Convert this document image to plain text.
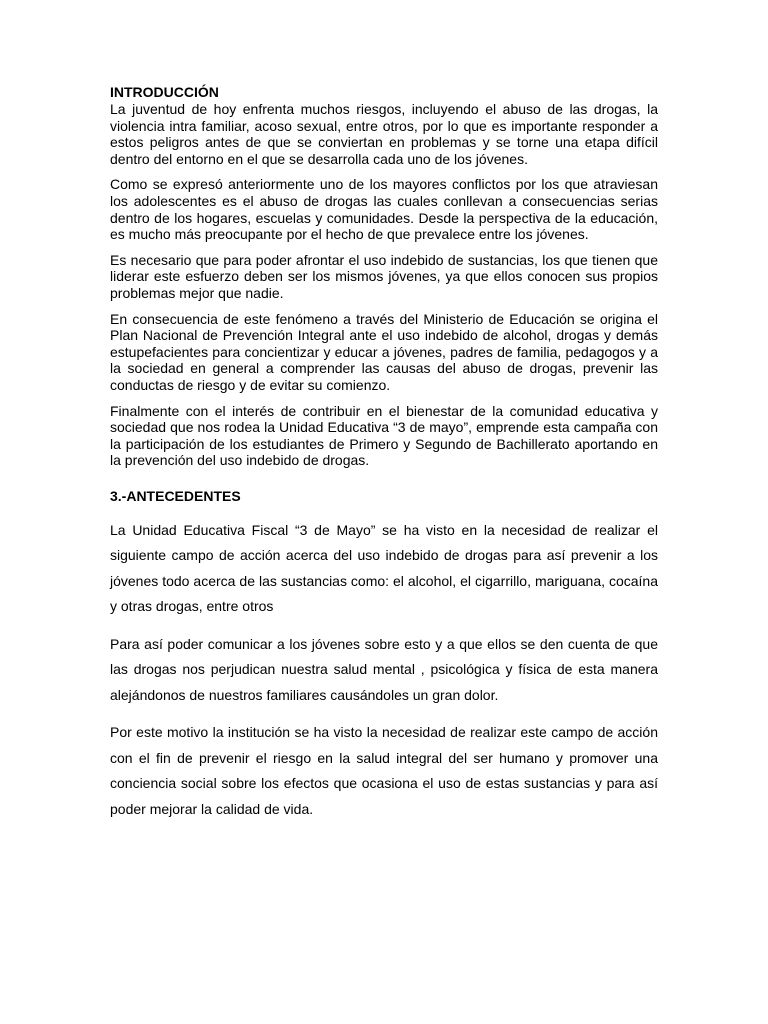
INTRODUCCIÓN

La juventud de hoy enfrenta muchos riesgos, incluyendo el abuso de las drogas, la violencia intra familiar, acoso sexual, entre otros, por lo que es importante responder a estos peligros antes de que se conviertan en problemas y se torne una etapa difícil dentro del entorno en el que se desarrolla cada uno de los jóvenes.

Como se expresó anteriormente uno de los mayores conflictos por los que atraviesan los adolescentes es el abuso de drogas las cuales conllevan a consecuencias serias dentro de los hogares, escuelas y comunidades. Desde la perspectiva de la educación, es mucho más preocupante por el hecho de que prevalece entre los jóvenes.

Es necesario que para poder afrontar el uso indebido de sustancias, los que tienen que liderar este esfuerzo deben ser los mismos jóvenes, ya que ellos conocen sus propios problemas mejor que nadie.

En consecuencia de este fenómeno a través del Ministerio de Educación se origina el Plan Nacional de Prevención Integral ante el uso indebido de alcohol, drogas y demás estupefacientes para concientizar y educar a jóvenes, padres de familia, pedagogos y a la sociedad en general a comprender las causas del abuso de drogas, prevenir las conductas de riesgo y de evitar su comienzo.

Finalmente con el interés de contribuir en el bienestar de la comunidad educativa y sociedad que nos rodea la Unidad Educativa “3 de mayo”, emprende esta campaña con la participación de los estudiantes de Primero y Segundo de Bachillerato aportando en la prevención del uso indebido de drogas.

3.-ANTECEDENTES

La Unidad Educativa Fiscal “3 de Mayo” se ha visto en la necesidad de realizar el siguiente campo de acción acerca del uso indebido de drogas para así prevenir a los jóvenes todo acerca de las sustancias como: el alcohol, el cigarrillo, mariguana, cocaína y otras drogas, entre otros

Para así poder comunicar a los jóvenes sobre esto y a que ellos se den cuenta de que las drogas nos perjudican nuestra salud mental , psicológica y física de esta manera alejándonos de nuestros familiares causándoles un gran dolor.

Por este motivo la institución se ha visto la necesidad de realizar este campo de acción con el fin de prevenir el riesgo en la salud integral del ser humano y promover una conciencia social sobre los efectos que ocasiona el uso de estas sustancias y para así poder mejorar la calidad de vida.
